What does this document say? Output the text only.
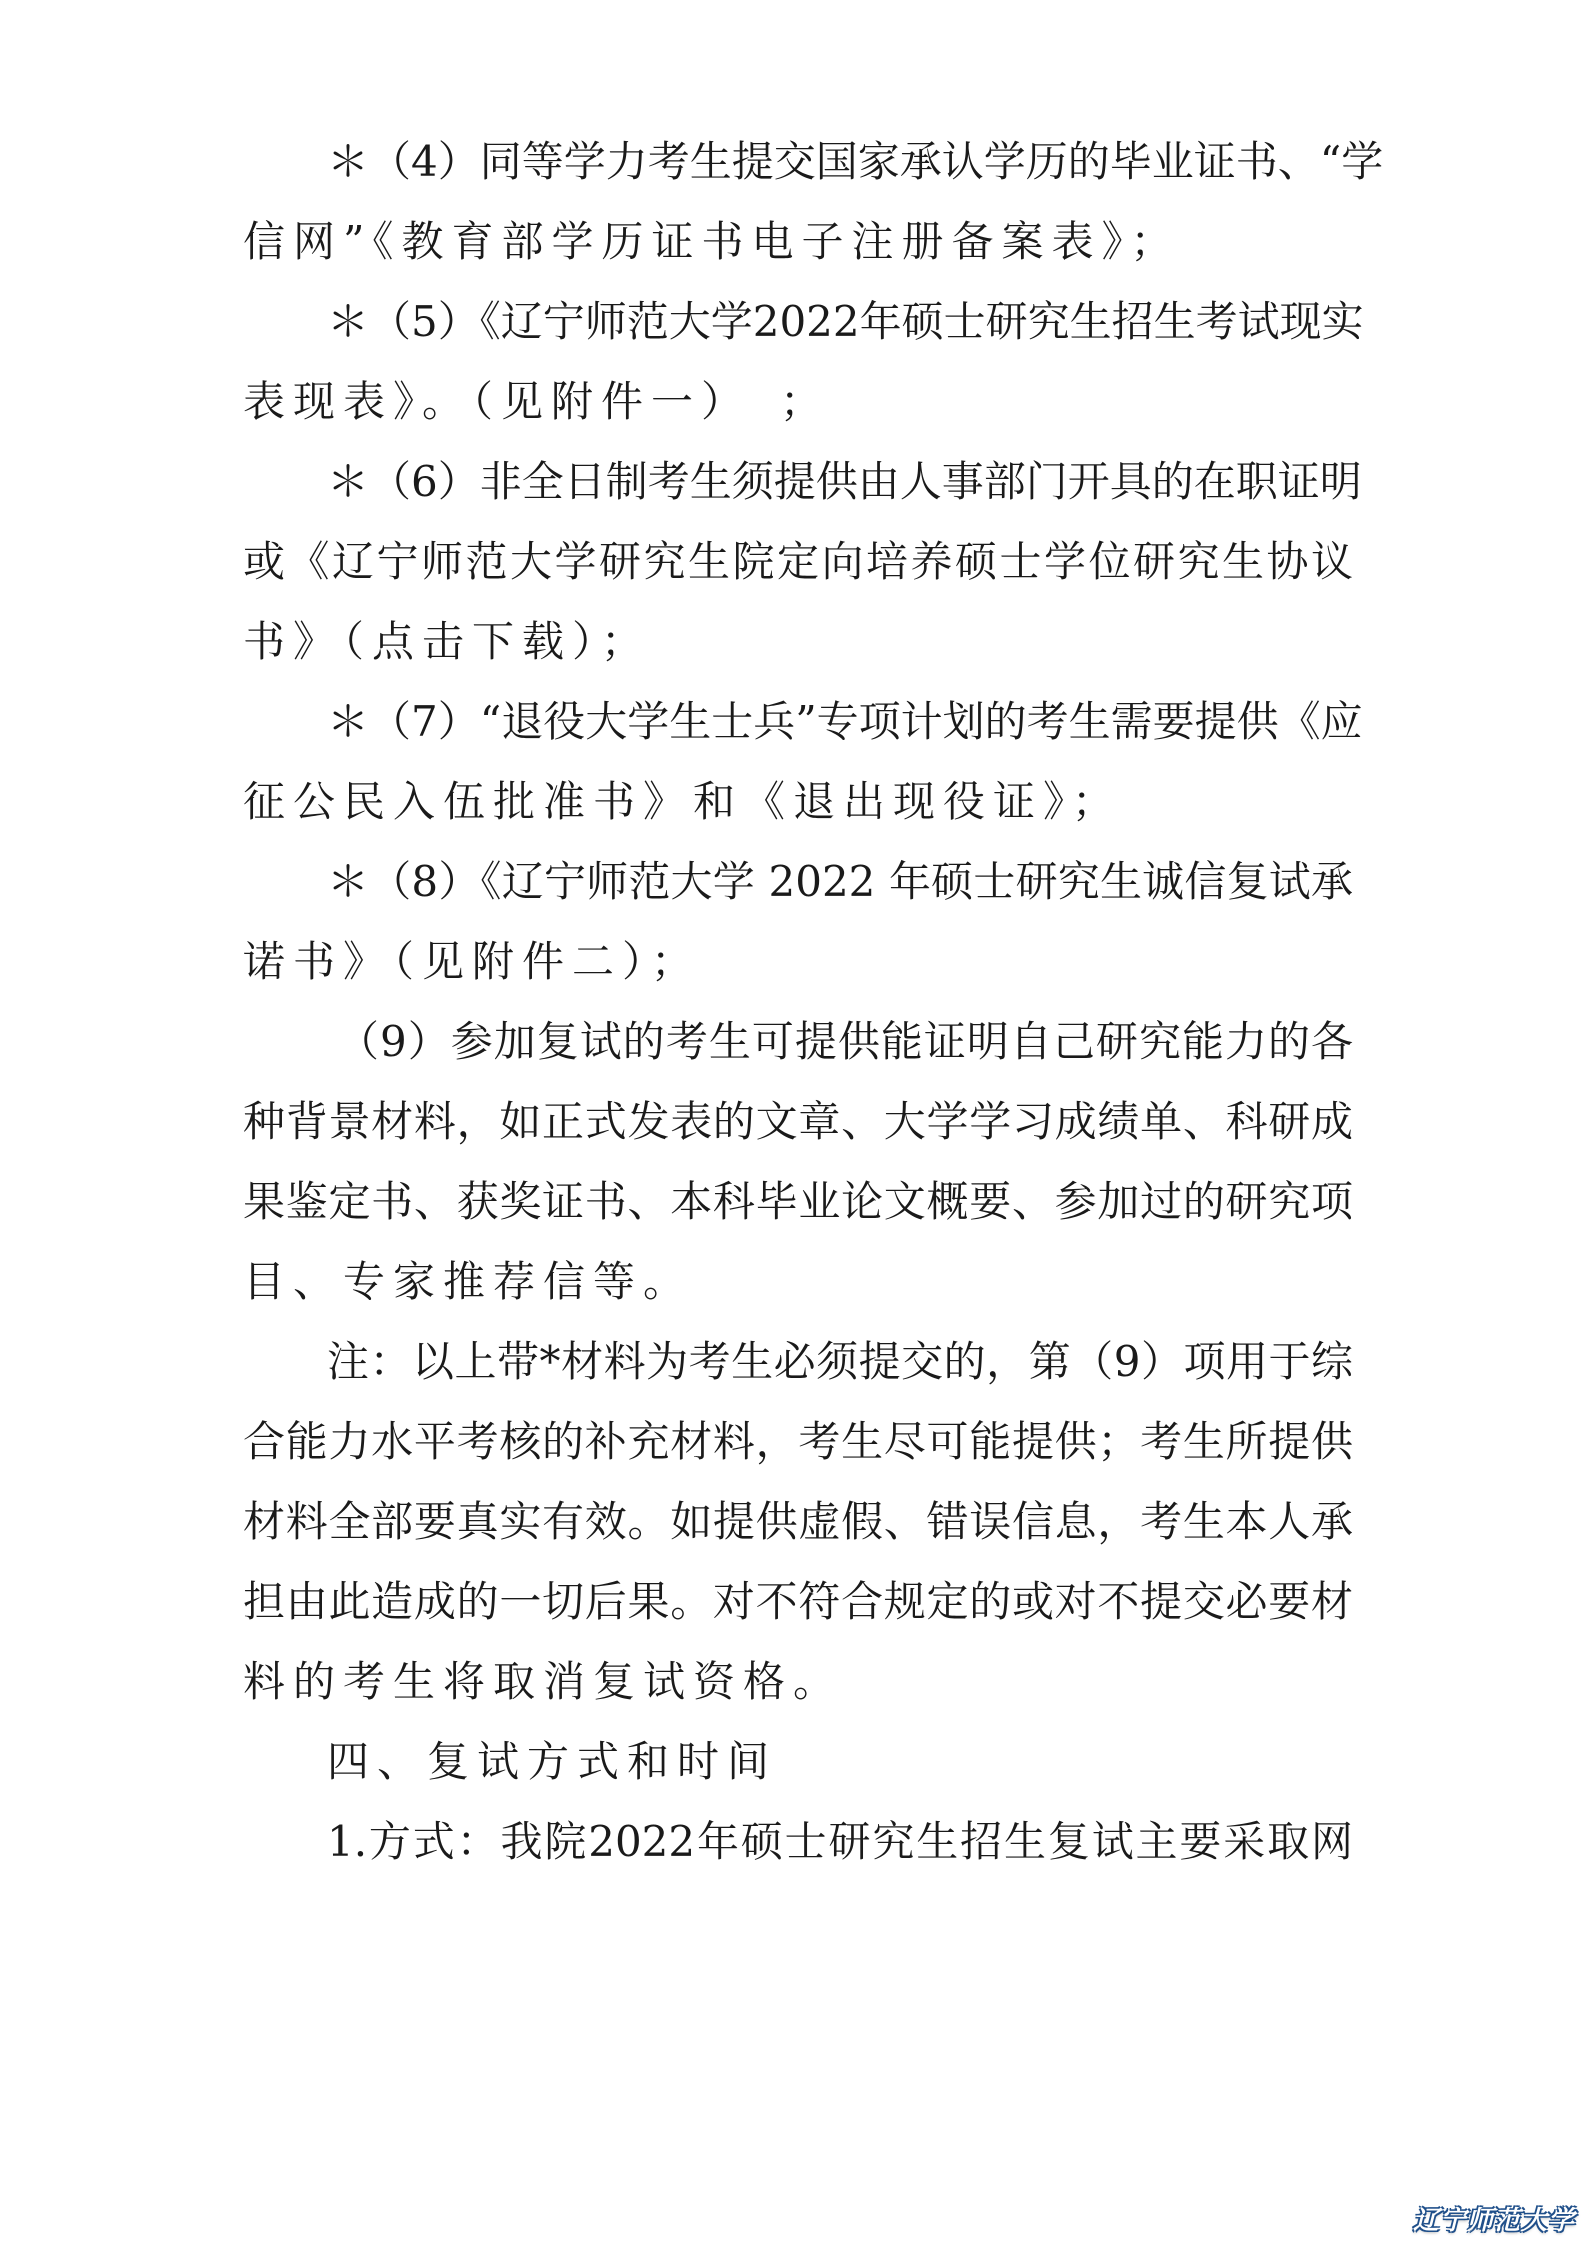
＊（4）同等学力考生提交国家承认学历的毕业证书、“学
信网”《教育部学历证书电子注册备案表》；
＊（5）《辽宁师范大学2022年硕士研究生招生考试现实
表现表》。（见附件一）　；
＊（6）非全日制考生须提供由人事部门开具的在职证明
或《辽宁师范大学研究生院定向培养硕士学位研究生协议
书》（点击下载）；
＊（7）“退役大学生士兵”专项计划的考生需要提供《应
征公民入伍批准书》和《退出现役证》；
＊（8）《辽宁师范大学 2022 年硕士研究生诚信复试承
诺书》（见附件二）；
（9）参加复试的考生可提供能证明自己研究能力的各
种背景材料，如正式发表的文章、大学学习成绩单、科研成
果鉴定书、获奖证书、本科毕业论文概要、参加过的研究项
目、专家推荐信等。
注：以上带*材料为考生必须提交的，第（9）项用于综
合能力水平考核的补充材料，考生尽可能提供；考生所提供
材料全部要真实有效。如提供虚假、错误信息，考生本人承
担由此造成的一切后果。对不符合规定的或对不提交必要材
料的考生将取消复试资格。
四、复试方式和时间
1.方式：我院2022年硕士研究生招生复试主要采取网
辽宁师范大学
